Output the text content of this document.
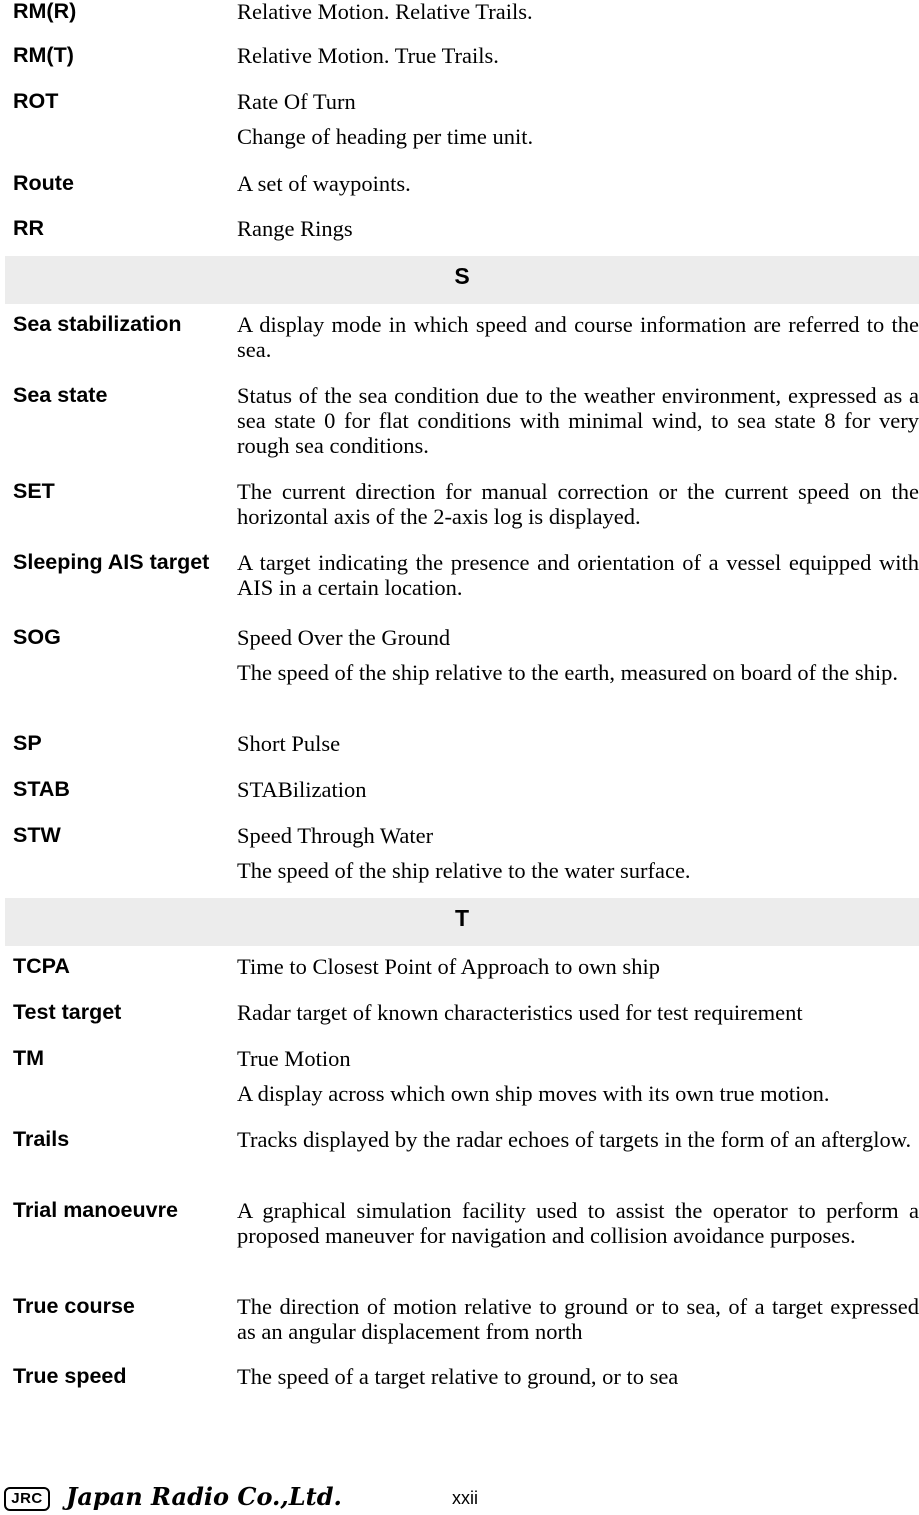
RM(R)	Relative Motion. Relative Trails.

RM(T)	Relative Motion. True Trails.

ROT	Rate Of Turn

Change of heading per time unit.

Route	A set of waypoints.

RR	Range Rings

S
Sea stabilization	A display mode in which speed and course information are referred to the sea.

Sea state	Status of the sea condition due to the weather environment, expressed as a sea state 0 for flat conditions with minimal wind, to sea state 8 for very rough sea conditions.

SET	The current direction for manual correction or the current speed on the horizontal axis of the 2-axis log is displayed.

Sleeping AIS target	A target indicating the presence and orientation of a vessel equipped with AIS in a certain location.

SOG	Speed Over the Ground

The speed of the ship relative to the earth, measured on board of the ship.

SP	Short Pulse

STAB	STABilization

STW	Speed Through Water

The speed of the ship relative to the water surface.

T
TCPA	Time to Closest Point of Approach to own ship

Test target	Radar target of known characteristics used for test requirement

TM	True Motion

A display across which own ship moves with its own true motion.

Trails	Tracks displayed by the radar echoes of targets in the form of an afterglow.

Trial manoeuvre	A graphical simulation facility used to assist the operator to perform a proposed maneuver for navigation and collision avoidance purposes.

True course	The direction of motion relative to ground or to sea, of a target expressed as an angular displacement from north

True speed	The speed of a target relative to ground, or to sea

JRC Japan Radio Co.,Ltd.	xxii
